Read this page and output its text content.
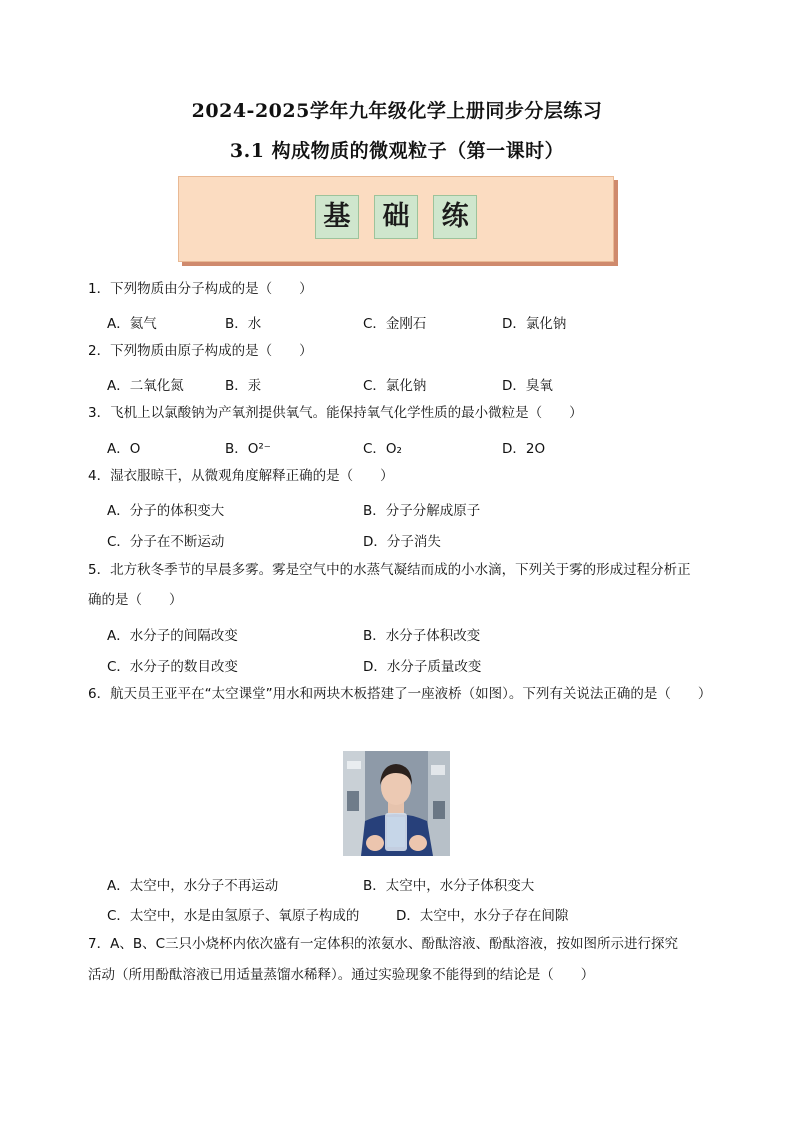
2024-2025学年九年级化学上册同步分层练习
3.1 构成物质的微观粒子（第一课时）
基 础 练
1．下列物质由分子构成的是（　　）
A．氦气	B．水	C．金刚石	D．氯化钠
2．下列物质由原子构成的是（　　）
A．二氧化氮	B．汞	C．氯化钠	D．臭氧
3．飞机上以氯酸钠为产氧剂提供氧气。能保持氧气化学性质的最小微粒是（　　）
A．O	B．O²⁻	C．O₂	D．2O
4．湿衣服晾干，从微观角度解释正确的是（　　）
A．分子的体积变大	B．分子分解成原子
C．分子在不断运动	D．分子消失
5．北方秋冬季节的早晨多雾。雾是空气中的水蒸气凝结而成的小水滴，下列关于雾的形成过程分析正
确的是（　　）
A．水分子的间隔改变	B．水分子体积改变
C．水分子的数目改变	D．水分子质量改变
6．航天员王亚平在“太空课堂”用水和两块木板搭建了一座液桥（如图）。下列有关说法正确的是（　　）
A．太空中，水分子不再运动	B．太空中，水分子体积变大
C．太空中，水是由氢原子、氧原子构成的	D．太空中，水分子存在间隙
7．A、B、C三只小烧杯内依次盛有一定体积的浓氨水、酚酞溶液、酚酞溶液，按如图所示进行探究
活动（所用酚酞溶液已用适量蒸馏水稀释）。通过实验现象不能得到的结论是（　　）
